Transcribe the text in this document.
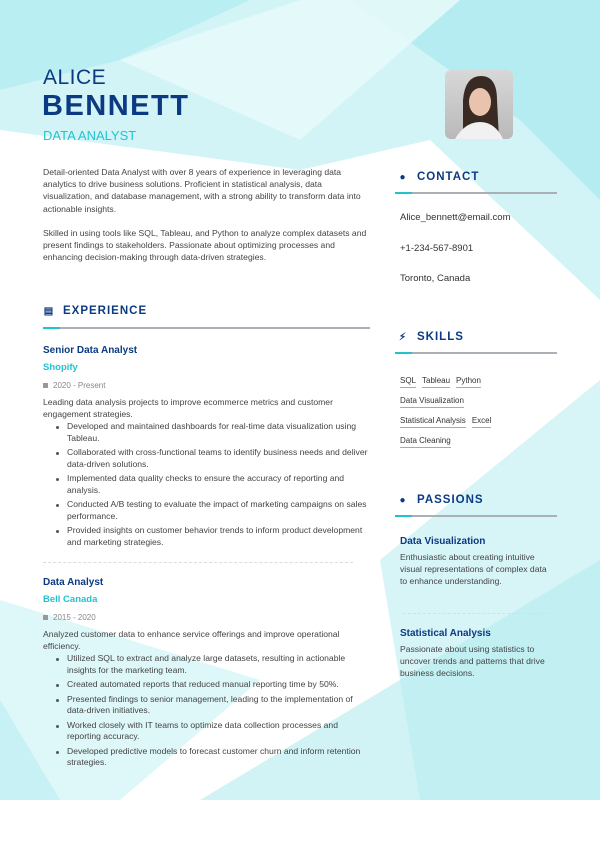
ALICE
BENNETT
DATA ANALYST

Detail-oriented Data Analyst with over 8 years of experience in leveraging data analytics to drive business solutions. Proficient in statistical analysis, data visualization, and database management, with a strong ability to transform data into actionable insights.

Skilled in using tools like SQL, Tableau, and Python to analyze complex datasets and present findings to stakeholders. Passionate about optimizing processes and enhancing decision-making through data-driven strategies.

▤ EXPERIENCE
Senior Data Analyst
Shopify
2020 - Present
Leading data analysis projects to improve ecommerce metrics and customer engagement strategies.
Developed and maintained dashboards for real-time data visualization using Tableau.
Collaborated with cross-functional teams to identify business needs and deliver data-driven solutions.
Implemented data quality checks to ensure the accuracy of reporting and analysis.
Conducted A/B testing to evaluate the impact of marketing campaigns on sales performance.
Provided insights on customer behavior trends to inform product development and marketing strategies.
Data Analyst
Bell Canada
2015 - 2020
Analyzed customer data to enhance service offerings and improve operational efficiency.
Utilized SQL to extract and analyze large datasets, resulting in actionable insights for the marketing team.
Created automated reports that reduced manual reporting time by 50%.
Presented findings to senior management, leading to the implementation of data-driven initiatives.
Worked closely with IT teams to optimize data collection processes and reporting accuracy.
Developed predictive models to forecast customer churn and inform retention strategies.
● CONTACT
Alice_bennett@email.com
+1-234-567-8901
Toronto, Canada
⚡︎ SKILLS
SQL Tableau Python
Data Visualization
Statistical Analysis Excel
Data Cleaning
● PASSIONS
Data Visualization
Enthusiastic about creating intuitive visual representations of complex data to enhance understanding.
Statistical Analysis
Passionate about using statistics to uncover trends and patterns that drive business decisions.
